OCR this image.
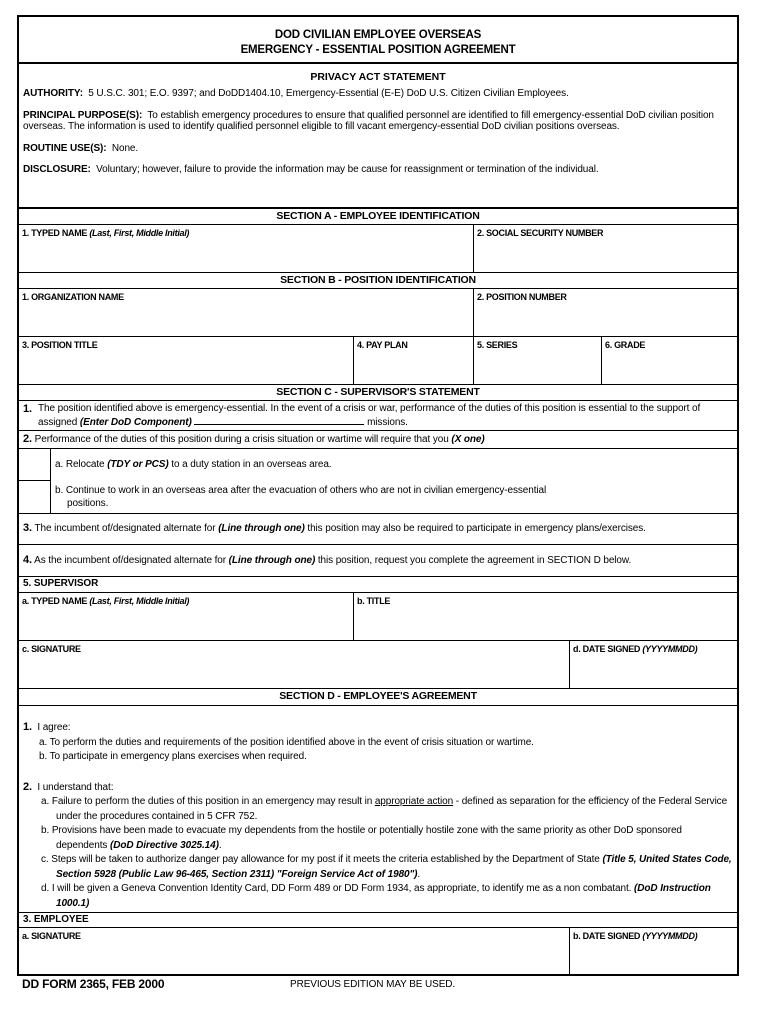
DOD CIVILIAN EMPLOYEE OVERSEAS
EMERGENCY - ESSENTIAL POSITION AGREEMENT
PRIVACY ACT STATEMENT

AUTHORITY: 5 U.S.C. 301; E.O. 9397; and DoDD1404.10, Emergency-Essential (E-E) DoD U.S. Citizen Civilian Employees.

PRINCIPAL PURPOSE(S): To establish emergency procedures to ensure that qualified personnel are identified to fill emergency-essential DoD civilian position overseas. The information is used to identify qualified personnel eligible to fill vacant emergency-essential DoD civilian positions overseas.

ROUTINE USE(S): None.

DISCLOSURE: Voluntary; however, failure to provide the information may be cause for reassignment or termination of the individual.

SECTION A - EMPLOYEE IDENTIFICATION
1. TYPED NAME (Last, First, Middle Initial)	2. SOCIAL SECURITY NUMBER
SECTION B - POSITION IDENTIFICATION
1. ORGANIZATION NAME	2. POSITION NUMBER
3. POSITION TITLE	4. PAY PLAN	5. SERIES	6. GRADE
SECTION C - SUPERVISOR'S STATEMENT
1. The position identified above is emergency-essential. In the event of a crisis or war, performance of the duties of this position is essential to the support of assigned (Enter DoD Component)	missions.
2. Performance of the duties of this position during a crisis situation or wartime will require that you (X one)
a. Relocate (TDY or PCS) to a duty station in an overseas area.
b. Continue to work in an overseas area after the evacuation of others who are not in civilian emergency-essential
positions.
3. The incumbent of/designated alternate for (Line through one) this position may also be required to participate in emergency plans/exercises.
4. As the incumbent of/designated alternate for (Line through one) this position, request you complete the agreement in SECTION D below.
5. SUPERVISOR
a. TYPED NAME (Last, First, Middle Initial)	b. TITLE
c. SIGNATURE	d. DATE SIGNED (YYYYMMDD)
SECTION D - EMPLOYEE'S AGREEMENT
1. I agree:
a. To perform the duties and requirements of the position identified above in the event of crisis situation or wartime.
b. To participate in emergency plans exercises when required.
2. I understand that:
a. Failure to perform the duties of this position in an emergency may result in appropriate action - defined as separation for the efficiency of the Federal Service under the procedures contained in 5 CFR 752.
b. Provisions have been made to evacuate my dependents from the hostile or potentially hostile zone with the same priority as other DoD sponsored dependents (DoD Directive 3025.14).
c. Steps will be taken to authorize danger pay allowance for my post if it meets the criteria established by the Department of State (Title 5, United States Code, Section 5928 (Public Law 96-465, Section 2311) "Foreign Service Act of 1980").
d. I will be given a Geneva Convention Identity Card, DD Form 489 or DD Form 1934, as appropriate, to identify me as a non combatant. (DoD Instruction 1000.1)
3. EMPLOYEE
a. SIGNATURE	b. DATE SIGNED (YYYYMMDD)
DD FORM 2365, FEB 2000	PREVIOUS EDITION MAY BE USED.
